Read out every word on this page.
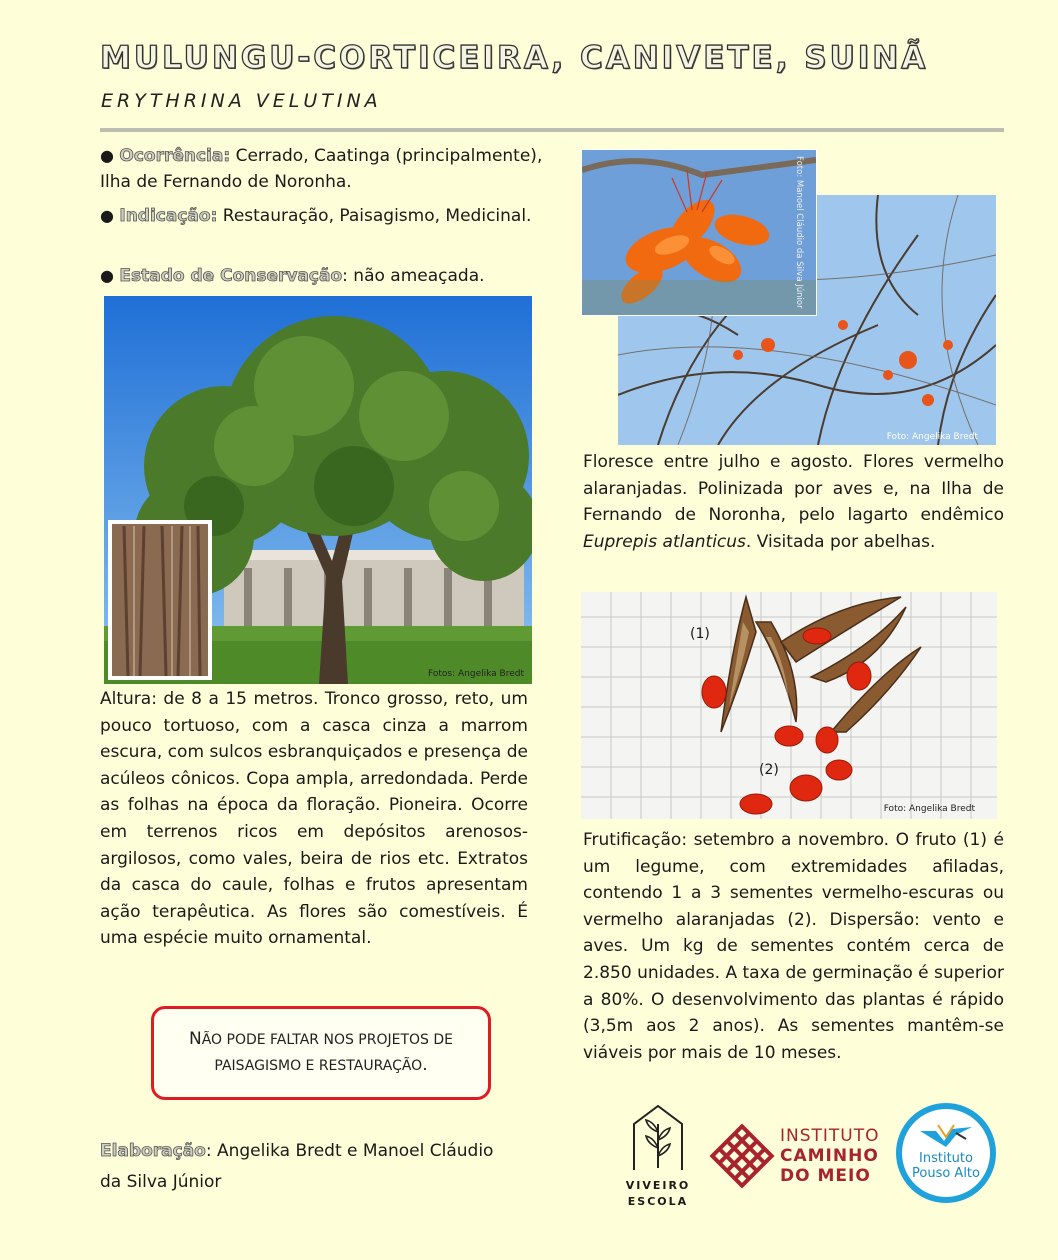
MULUNGU-CORTICEIRA, CANIVETE, SUINÃ

ERYTHRINA VELUTINA

● Ocorrência: Cerrado, Caatinga (principalmente), Ilha de Fernando de Noronha.

● Indicação: Restauração, Paisagismo, Medicinal.

● Estado de Conservação: não ameaçada.

Fotos: Angelika Bredt
Foto: Angelika Bredt
Foto: Manoel Cláudio da Silva Júnior

Floresce entre julho e agosto. Flores vermelho alaranjadas. Polinizada por aves e, na Ilha de Fernando de Noronha, pelo lagarto endêmico Euprepis atlanticus. Visitada por abelhas.

(1)
(2)
Foto: Angelika Bredt

Altura: de 8 a 15 metros. Tronco grosso, reto, um pouco tortuoso, com a casca cinza a marrom escura, com sulcos esbranquiçados e presença de acúleos cônicos. Copa ampla, arredondada. Perde as folhas na época da floração. Pioneira. Ocorre em terrenos ricos em depósitos arenosos-argilosos, como vales, beira de rios etc. Extratos da casca do caule, folhas e frutos apresentam ação terapêutica. As flores são comestíveis. É uma espécie muito ornamental.

Frutificação: setembro a novembro. O fruto (1) é um legume, com extremidades afiladas, contendo 1 a 3 sementes vermelho-escuras ou vermelho alaranjadas (2). Dispersão: vento e aves. Um kg de sementes contém cerca de 2.850 unidades. A taxa de germinação é superior a 80%. O desenvolvimento das plantas é rápido (3,5m aos 2 anos). As sementes mantêm-se viáveis por mais de 10 meses.

NÃO PODE FALTAR NOS PROJETOS DE
PAISAGISMO E RESTAURAÇÃO.

Elaboração: Angelika Bredt e Manoel Cláudio da Silva Júnior	VIVEIRO
ESCOLA
INSTITUTO
CAMINHO
DO MEIO
Instituto
Pouso Alto
